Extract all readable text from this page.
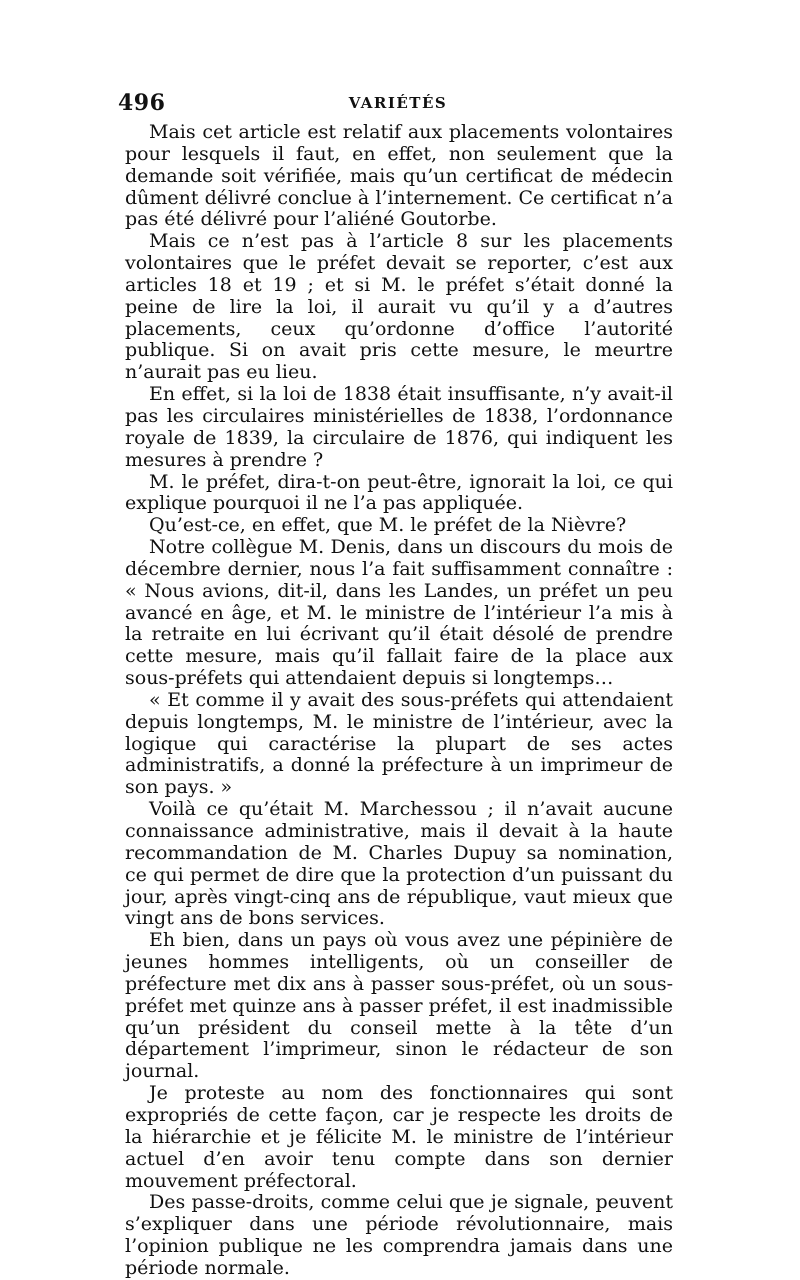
496	VARIÉTÉS

Mais cet article est relatif aux placements volontaires pour lesquels il faut, en effet, non seulement que la demande soit vérifiée, mais qu’un certificat de médecin dûment délivré conclue à l’internement. Ce certificat n’a pas été délivré pour l’aliéné Goutorbe.

Mais ce n’est pas à l’article 8 sur les placements volontaires que le préfet devait se reporter, c’est aux articles 18 et 19 ; et si M. le préfet s’était donné la peine de lire la loi, il aurait vu qu’il y a d’autres placements, ceux qu’ordonne d’office l’autorité publique. Si on avait pris cette mesure, le meurtre n’aurait pas eu lieu.

En effet, si la loi de 1838 était insuffisante, n’y avait-il pas les circulaires ministérielles de 1838, l’ordonnance royale de 1839, la circulaire de 1876, qui indiquent les mesures à prendre ?

M. le préfet, dira-t-on peut-être, ignorait la loi, ce qui explique pourquoi il ne l’a pas appliquée.

Qu’est-ce, en effet, que M. le préfet de la Nièvre?

Notre collègue M. Denis, dans un discours du mois de décembre dernier, nous l’a fait suffisamment connaître : « Nous avions, dit-il, dans les Landes, un préfet un peu avancé en âge, et M. le ministre de l’intérieur l’a mis à la retraite en lui écrivant qu’il était désolé de prendre cette mesure, mais qu’il fallait faire de la place aux sous-préfets qui attendaient depuis si longtemps…

« Et comme il y avait des sous-préfets qui attendaient depuis longtemps, M. le ministre de l’intérieur, avec la logique qui caractérise la plupart de ses actes administratifs, a donné la préfecture à un imprimeur de son pays. »

Voilà ce qu’était M. Marchessou ; il n’avait aucune connaissance administrative, mais il devait à la haute recommandation de M. Charles Dupuy sa nomination, ce qui permet de dire que la protection d’un puissant du jour, après vingt-cinq ans de république, vaut mieux que vingt ans de bons services.

Eh bien, dans un pays où vous avez une pépinière de jeunes hommes intelligents, où un conseiller de préfecture met dix ans à passer sous-préfet, où un sous-préfet met quinze ans à passer préfet, il est inadmissible qu’un président du conseil mette à la tête d’un département l’imprimeur, sinon le rédacteur de son journal.

Je proteste au nom des fonctionnaires qui sont expropriés de cette façon, car je respecte les droits de la hiérarchie et je félicite M. le ministre de l’intérieur actuel d’en avoir tenu compte dans son dernier mouvement préfectoral.

Des passe-droits, comme celui que je signale, peuvent s’expliquer dans une période révolutionnaire, mais l’opinion publique ne les comprendra jamais dans une période normale.
